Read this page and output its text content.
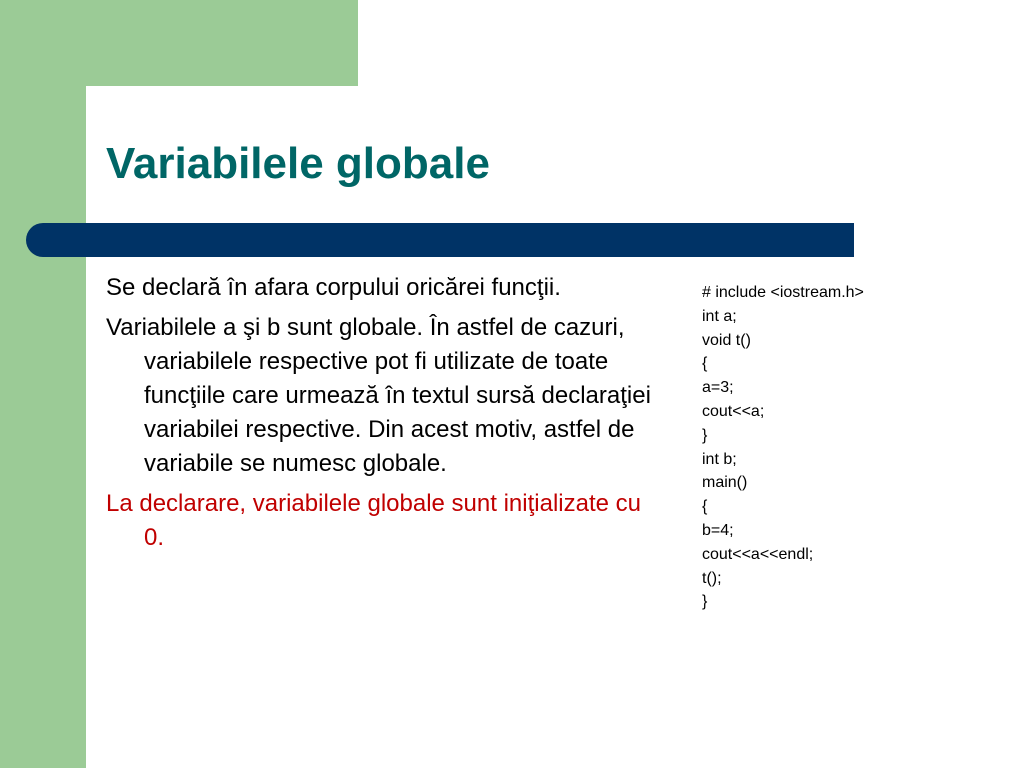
Variabilele globale

Se declară în afara corpului oricărei funcţii.

Variabilele a şi b sunt globale. În astfel de cazuri, variabilele respective pot fi utilizate de toate funcţiile care urmează în textul sursă declaraţiei variabilei respective. Din acest motiv, astfel de variabile se numesc globale.

La declarare, variabilele globale sunt iniţializate cu 0.

# include <iostream.h>
int a;
void t()
{
a=3;
cout<<a;
}
int b;
main()
{
b=4;
cout<<a<<endl;
t();
}
